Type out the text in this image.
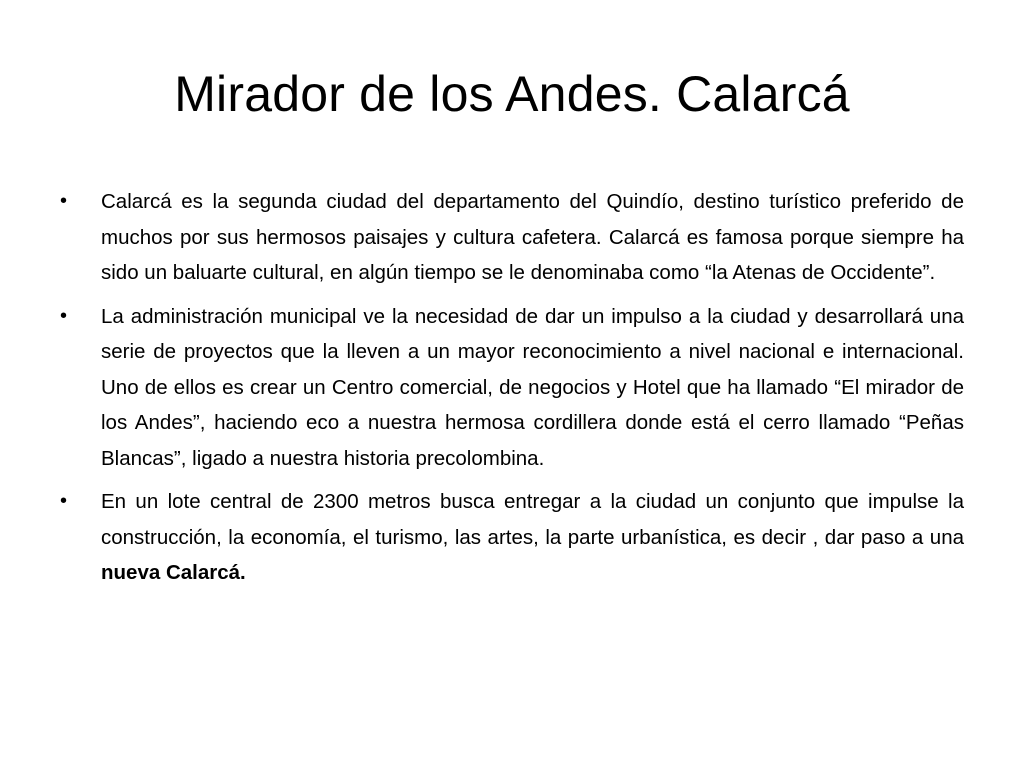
Mirador de los Andes. Calarcá
•	Calarcá es la segunda ciudad del departamento del Quindío, destino turístico preferido de muchos por sus hermosos paisajes y cultura cafetera. Calarcá es famosa porque siempre ha sido un baluarte cultural, en algún tiempo se le denominaba como “la Atenas de Occidente”.
•	La administración municipal ve la necesidad de dar un impulso a la ciudad y desarrollará una serie de proyectos que la lleven a un mayor reconocimiento a nivel nacional e internacional. Uno de ellos es crear un Centro comercial, de negocios y Hotel que ha llamado “El mirador de los Andes”, haciendo eco a nuestra hermosa cordillera donde está el cerro llamado “Peñas Blancas”, ligado a nuestra historia precolombina.
•	En un lote central de 2300 metros busca entregar a la ciudad un conjunto que impulse la construcción, la economía, el turismo, las artes, la parte urbanística, es decir , dar paso a una nueva Calarcá.
